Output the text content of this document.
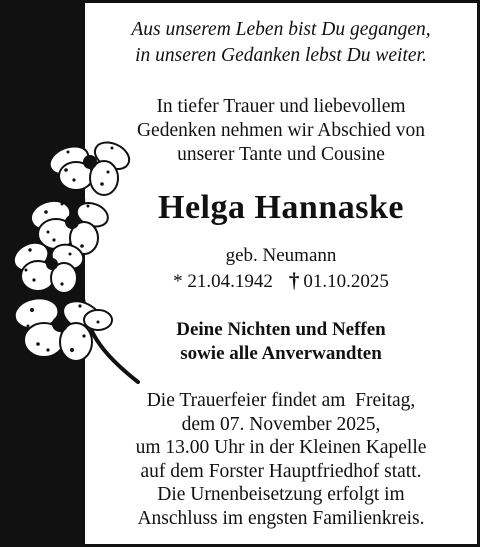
Aus unserem Leben bist Du gegangen,
in unseren Gedanken lebst Du weiter.
In tiefer Trauer und liebevollem
Gedenken nehmen wir Abschied von
unserer Tante und Cousine
Helga Hannaske
geb. Neumann
* 21.04.1942 † 01.10.2025
Deine Nichten und Neffen
sowie alle Anverwandten
Die Trauerfeier findet am  Freitag,
dem 07. November 2025,
um 13.00 Uhr in der Kleinen Kapelle
auf dem Forster Hauptfriedhof statt.
Die Urnenbeisetzung erfolgt im
Anschluss im engsten Familienkreis.
